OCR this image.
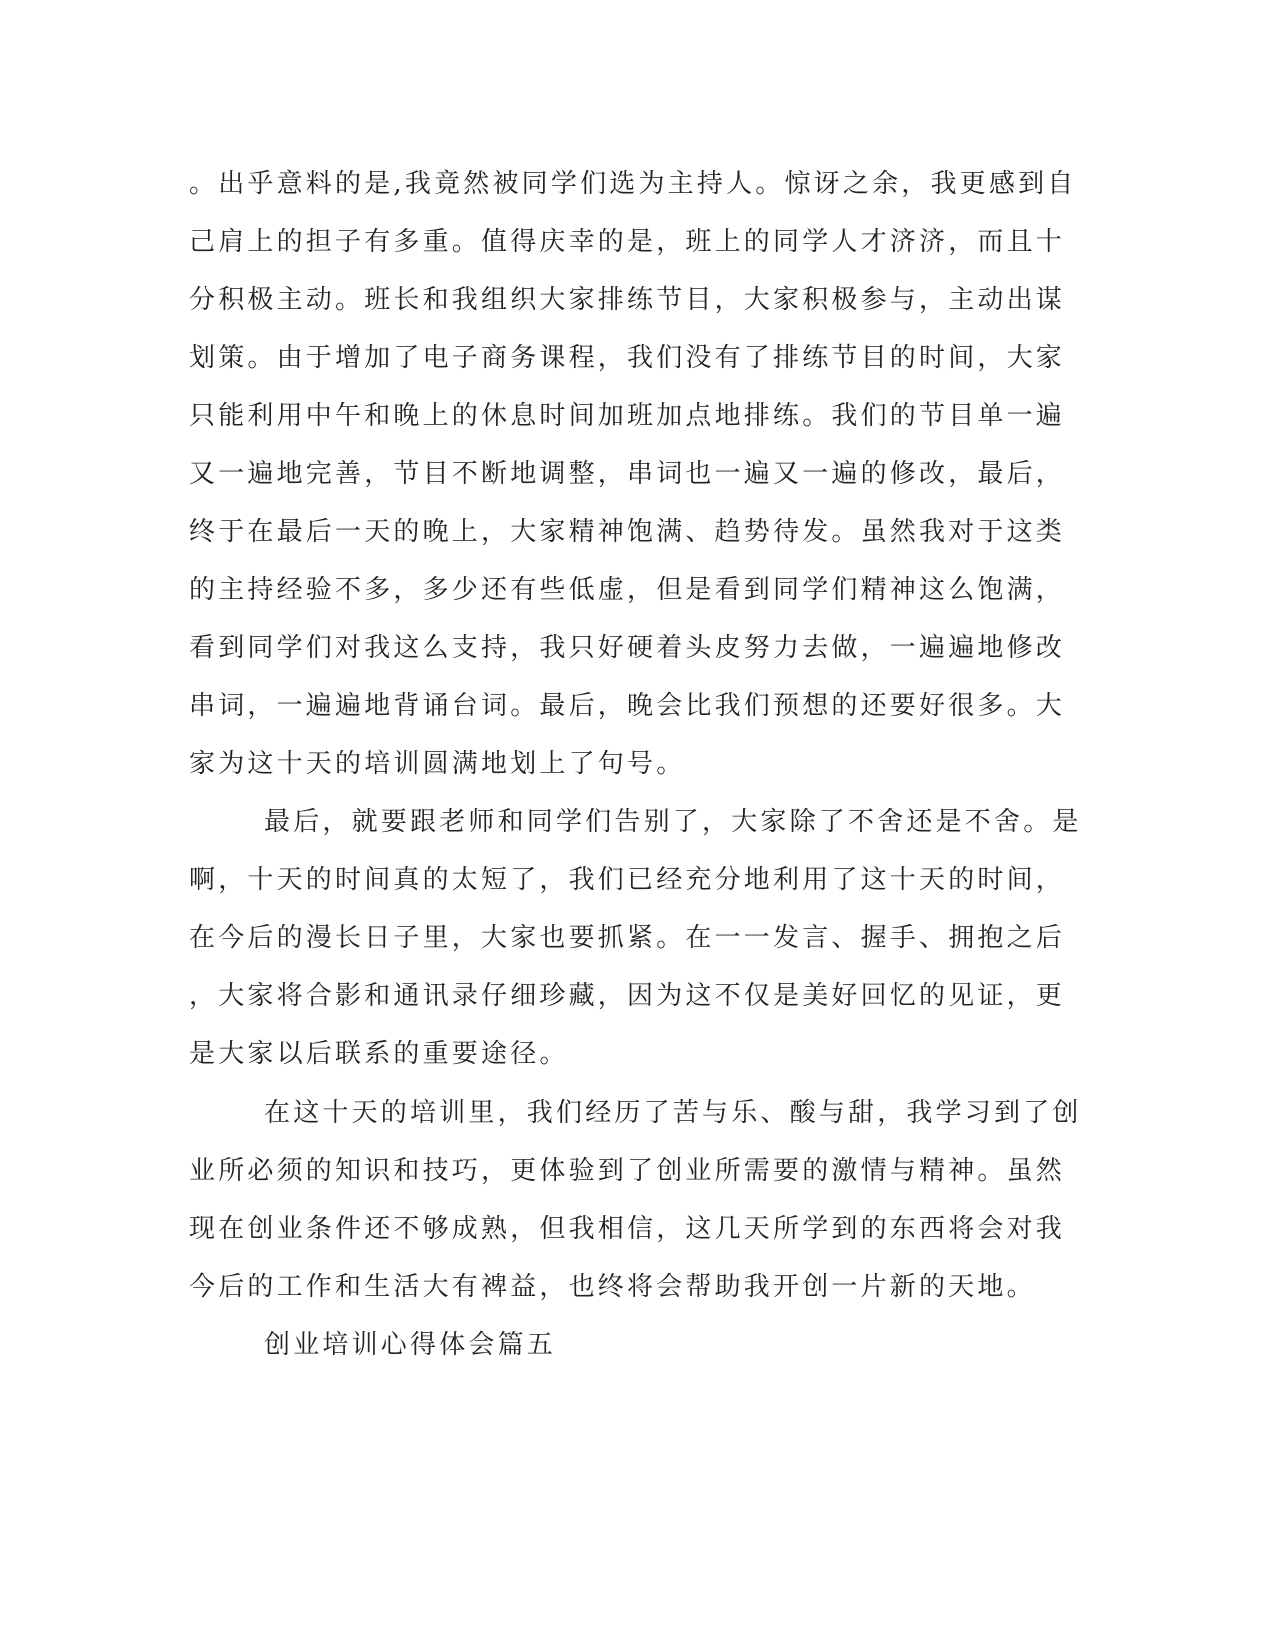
。出乎意料的是,我竟然被同学们选为主持人。惊讶之余，我更感到自
己肩上的担子有多重。值得庆幸的是，班上的同学人才济济，而且十
分积极主动。班长和我组织大家排练节目，大家积极参与，主动出谋
划策。由于增加了电子商务课程，我们没有了排练节目的时间，大家
只能利用中午和晚上的休息时间加班加点地排练。我们的节目单一遍
又一遍地完善，节目不断地调整，串词也一遍又一遍的修改，最后，
终于在最后一天的晚上，大家精神饱满、趋势待发。虽然我对于这类
的主持经验不多，多少还有些低虚，但是看到同学们精神这么饱满，
看到同学们对我这么支持，我只好硬着头皮努力去做，一遍遍地修改
串词，一遍遍地背诵台词。最后，晚会比我们预想的还要好很多。大
家为这十天的培训圆满地划上了句号。
最后，就要跟老师和同学们告别了，大家除了不舍还是不舍。是
啊，十天的时间真的太短了，我们已经充分地利用了这十天的时间，
在今后的漫长日子里，大家也要抓紧。在一一发言、握手、拥抱之后
，大家将合影和通讯录仔细珍藏，因为这不仅是美好回忆的见证，更
是大家以后联系的重要途径。
在这十天的培训里，我们经历了苦与乐、酸与甜，我学习到了创
业所必须的知识和技巧，更体验到了创业所需要的激情与精神。虽然
现在创业条件还不够成熟，但我相信，这几天所学到的东西将会对我
今后的工作和生活大有裨益，也终将会帮助我开创一片新的天地。
创业培训心得体会篇五
